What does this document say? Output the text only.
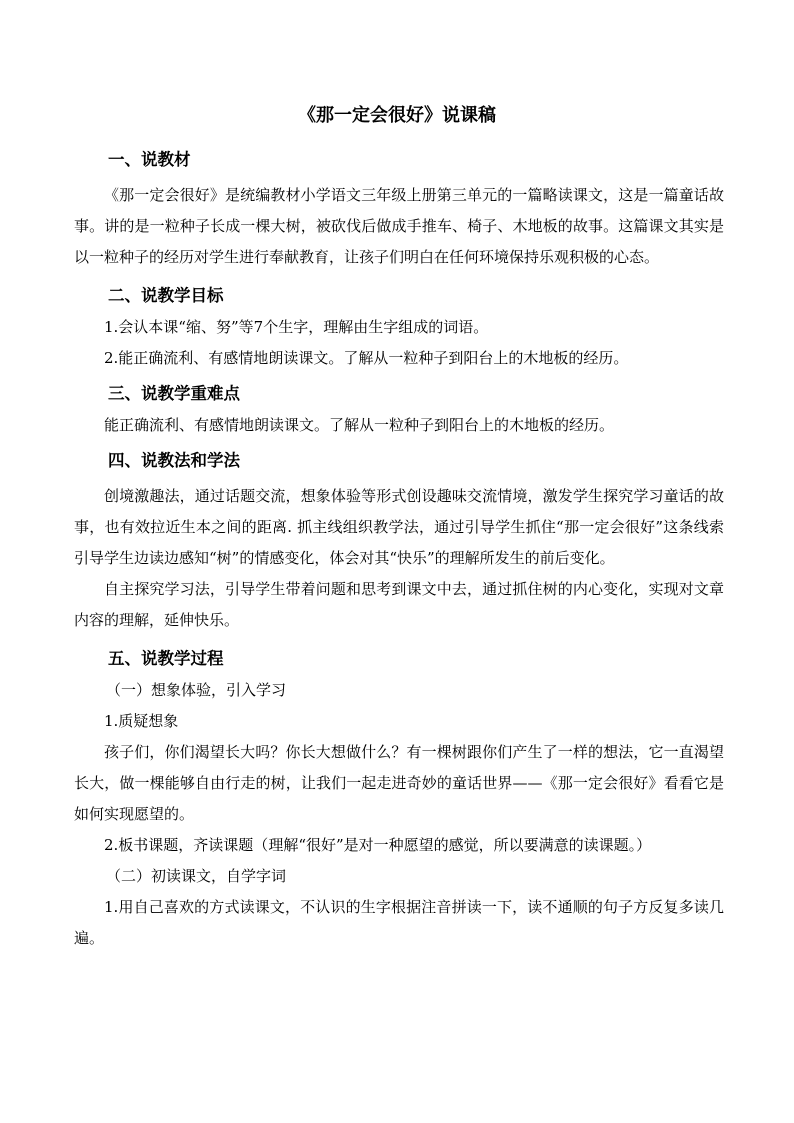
《那一定会很好》说课稿

一、说教材

《那一定会很好》是统编教材小学语文三年级上册第三单元的一篇略读课文，这是一篇童话故事。讲的是一粒种子长成一棵大树，被砍伐后做成手推车、椅子、木地板的故事。这篇课文其实是以一粒种子的经历对学生进行奉献教育，让孩子们明白在任何环境保持乐观积极的心态。

二、说教学目标

1.会认本课“缩、努”等7个生字，理解由生字组成的词语。

2.能正确流利、有感情地朗读课文。了解从一粒种子到阳台上的木地板的经历。

三、说教学重难点

能正确流利、有感情地朗读课文。了解从一粒种子到阳台上的木地板的经历。

四、说教法和学法

创境激趣法，通过话题交流，想象体验等形式创设趣味交流情境，激发学生探究学习童话的故事，也有效拉近生本之间的距离. 抓主线组织教学法，通过引导学生抓住“那一定会很好”这条线索引导学生边读边感知“树”的情感变化，体会对其“快乐”的理解所发生的前后变化。

自主探究学习法，引导学生带着问题和思考到课文中去，通过抓住树的内心变化，实现对文章内容的理解，延伸快乐。

五、说教学过程

（一）想象体验，引入学习

1.质疑想象

孩子们，你们渴望长大吗？你长大想做什么？有一棵树跟你们产生了一样的想法，它一直渴望长大，做一棵能够自由行走的树，让我们一起走进奇妙的童话世界——《那一定会很好》看看它是如何实现愿望的。

2.板书课题，齐读课题（理解“很好”是对一种愿望的感觉，所以要满意的读课题。）

（二）初读课文，自学字词

1.用自己喜欢的方式读课文，不认识的生字根据注音拼读一下，读不通顺的句子方反复多读几遍。
